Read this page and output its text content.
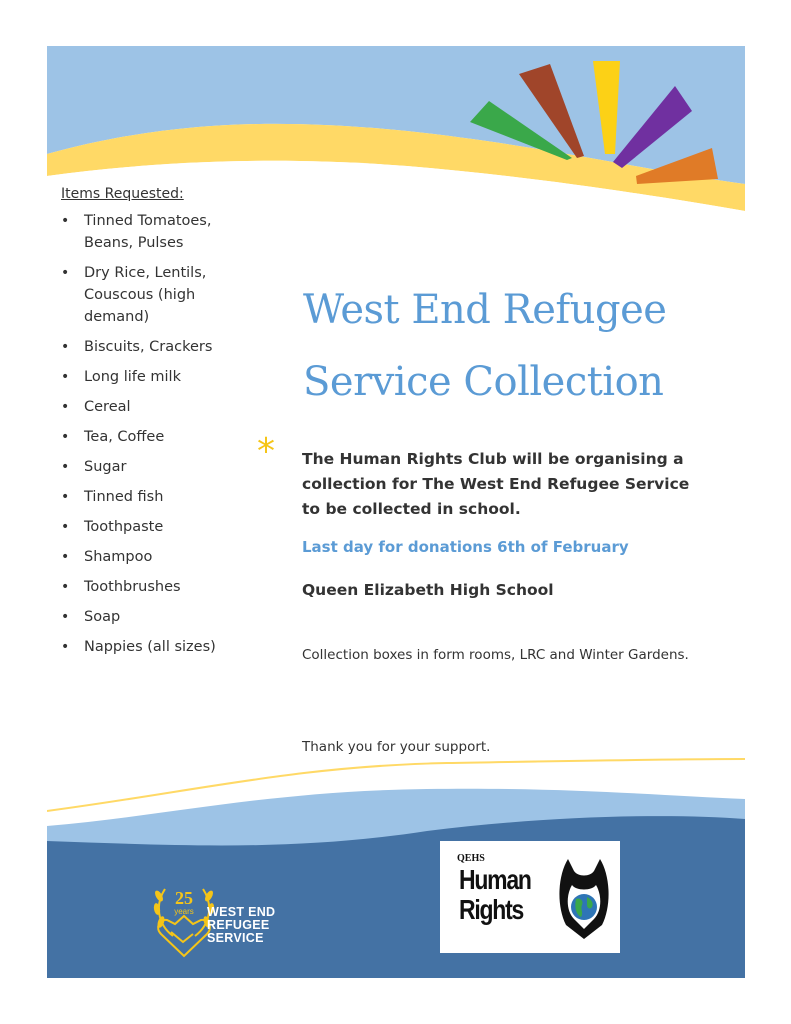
Items Requested:

• Tinned Tomatoes, Beans, Pulses
• Dry Rice, Lentils, Couscous (high demand)
• Biscuits, Crackers
• Long life milk
• Cereal
• Tea, Coffee
• Sugar
• Tinned fish
• Toothpaste
• Shampoo
• Toothbrushes
• Soap
• Nappies (all sizes)
West End Refugee
Service Collection
* The Human Rights Club will be organising a collection for The West End Refugee Service to be collected in school.

Last day for donations 6th of February

Queen Elizabeth High School

Collection boxes in form rooms, LRC and Winter Gardens.

Thank you for your support.

25
years WEST END
REFUGEE
SERVICE
QEHS
Human
Rights
